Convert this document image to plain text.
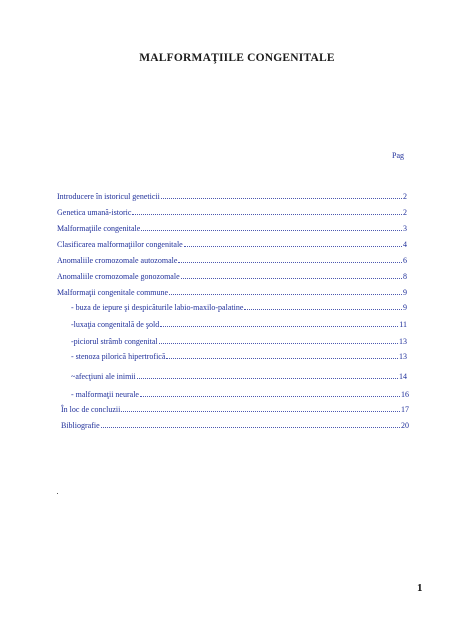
MALFORMAŢIILE CONGENITALE
Pag
Introducere în istoricul geneticii	2
Genetica umană-istoric	2
Malformaţiile congenitale	3
Clasificarea malformaţiilor congenitale	4
Anomaliile cromozomale autozomale	6
Anomaliile cromozomale gonozomale	8
Malformaţii congenitale commune	9
- buza de iepure şi despicăturile labio-maxilo-palatine	9
-luxaţia congenitală de şold	11
-piciorul strâmb congenital	13
- stenoza pilorică hipertrofică	13
~afecţiuni ale inimii	14
- malformaţii neurale	16
În loc de concluzii	17
Bibliografie	20
1
